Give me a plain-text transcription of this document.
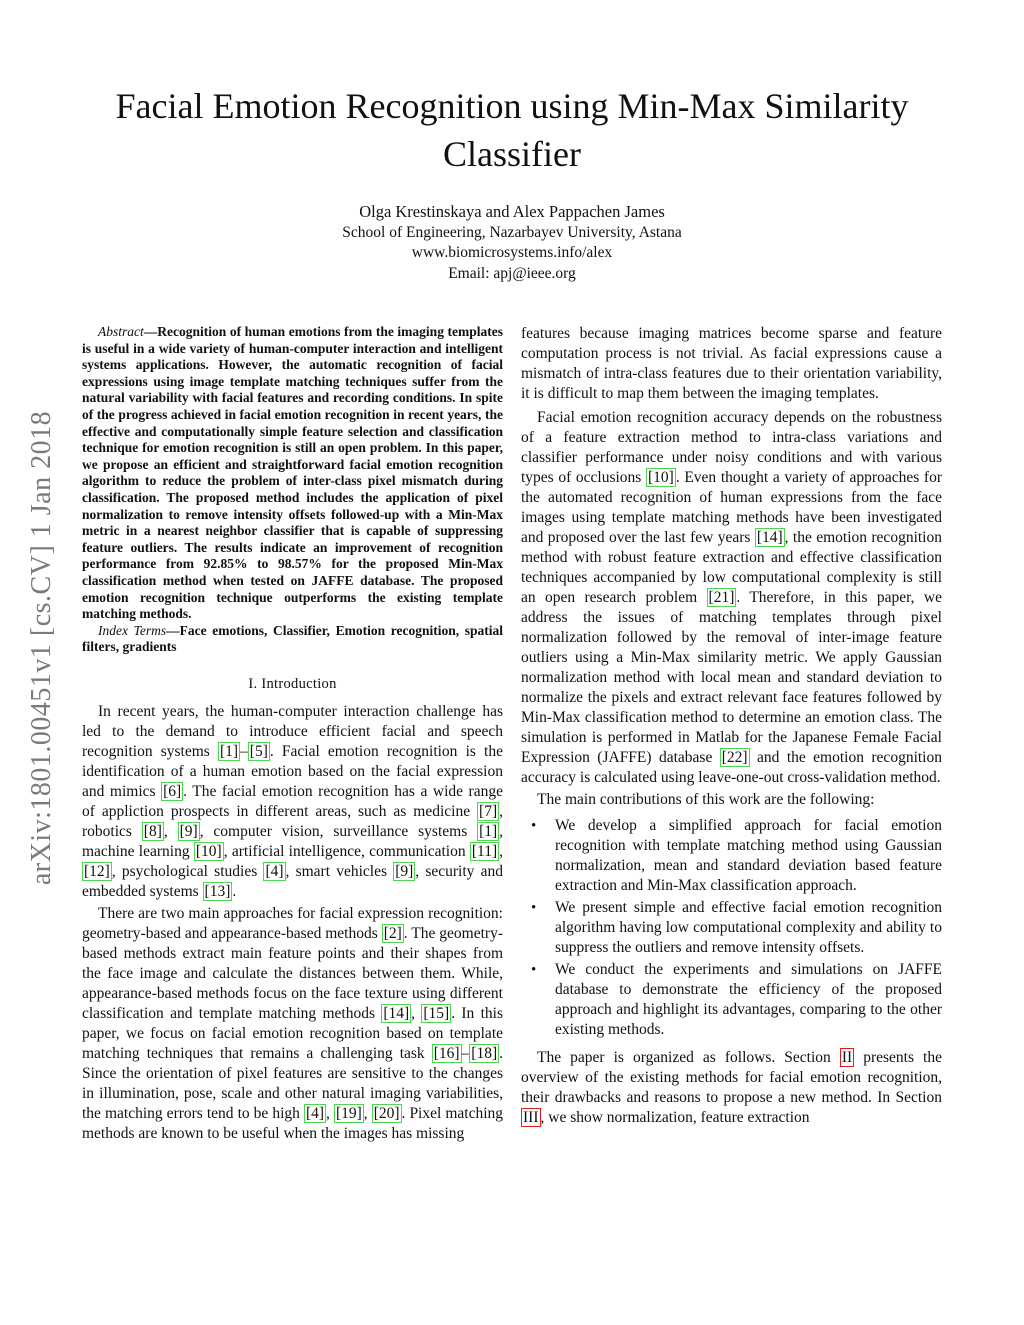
arXiv:1801.00451v1 [cs.CV] 1 Jan 2018
Facial Emotion Recognition using Min-Max Similarity Classifier
Olga Krestinskaya and Alex Pappachen James
School of Engineering, Nazarbayev University, Astana
www.biomicrosystems.info/alex
Email: apj@ieee.org

Abstract—Recognition of human emotions from the imaging templates is useful in a wide variety of human-computer interaction and intelligent systems applications. However, the automatic recognition of facial expressions using image template matching techniques suffer from the natural variability with facial features and recording conditions. In spite of the progress achieved in facial emotion recognition in recent years, the effective and computationally simple feature selection and classification technique for emotion recognition is still an open problem. In this paper, we propose an efficient and straightforward facial emotion recognition algorithm to reduce the problem of inter-class pixel mismatch during classification. The proposed method includes the application of pixel normalization to remove intensity offsets followed-up with a Min-Max metric in a nearest neighbor classifier that is capable of suppressing feature outliers. The results indicate an improvement of recognition performance from 92.85% to 98.57% for the proposed Min-Max classification method when tested on JAFFE database. The proposed emotion recognition technique outperforms the existing template matching methods.

Index Terms—Face emotions, Classifier, Emotion recognition, spatial filters, gradients

I. Introduction

In recent years, the human-computer interaction challenge has led to the demand to introduce efficient facial and speech recognition systems [1] – [5] . Facial emotion recognition is the identification of a human emotion based on the facial expression and mimics [6] . The facial emotion recognition has a wide range of appliction prospects in different areas, such as medicine [7] , robotics [8] , [9] , computer vision, surveillance systems [1] , machine learning [10] , artificial intelligence, communication [11] , [12] , psychological studies [4] , smart vehicles [9] , security and embedded systems [13] .

There are two main approaches for facial expression recognition: geometry-based and appearance-based methods [2] . The geometry-based methods extract main feature points and their shapes from the face image and calculate the distances between them. While, appearance-based methods focus on the face texture using different classification and template matching methods [14] , [15] . In this paper, we focus on facial emotion recognition based on template matching techniques that remains a challenging task [16] – [18] . Since the orientation of pixel features are sensitive to the changes in illumination, pose, scale and other natural imaging variabilities, the matching errors tend to be high [4] , [19] , [20] . Pixel matching methods are known to be useful when the images has missing

features because imaging matrices become sparse and feature computation process is not trivial. As facial expressions cause a mismatch of intra-class features due to their orientation variability, it is difficult to map them between the imaging templates.

Facial emotion recognition accuracy depends on the robustness of a feature extraction method to intra-class variations and classifier performance under noisy conditions and with various types of occlusions [10] . Even thought a variety of approaches for the automated recognition of human expressions from the face images using template matching methods have been investigated and proposed over the last few years [14] , the emotion recognition method with robust feature extraction and effective classification techniques accompanied by low computational complexity is still an open research problem [21] . Therefore, in this paper, we address the issues of matching templates through pixel normalization followed by the removal of inter-image feature outliers using a Min-Max similarity metric. We apply Gaussian normalization method with local mean and standard deviation to normalize the pixels and extract relevant face features followed by Min-Max classification method to determine an emotion class. The simulation is performed in Matlab for the Japanese Female Facial Expression (JAFFE) database [22] and the emotion recognition accuracy is calculated using leave-one-out cross-validation method.

The main contributions of this work are the following:

• We develop a simplified approach for facial emotion recognition with template matching method using Gaussian normalization, mean and standard deviation based feature extraction and Min-Max classification approach.
• We present simple and effective facial emotion recognition algorithm having low computational complexity and ability to suppress the outliers and remove intensity offsets.
• We conduct the experiments and simulations on JAFFE database to demonstrate the efficiency of the proposed approach and highlight its advantages, comparing to the other existing methods.

The paper is organized as follows. Section II presents the overview of the existing methods for facial emotion recognition, their drawbacks and reasons to propose a new method. In Section III , we show normalization, feature extraction
